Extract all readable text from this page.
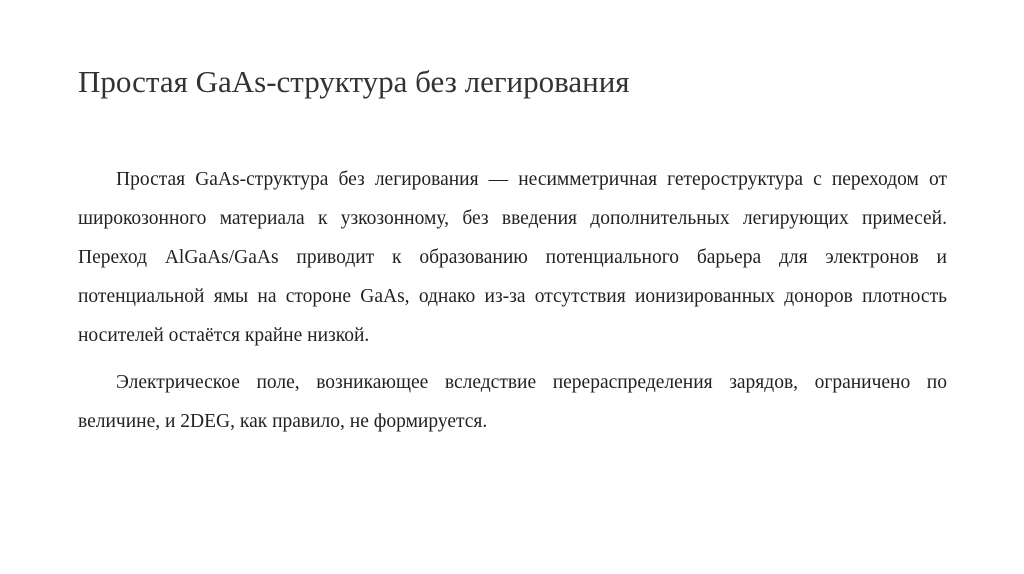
Простая GaAs-структура без легирования

Простая GaAs-структура без легирования — несимметричная гетероструктура с переходом от широкозонного материала к узкозонному, без введения дополнительных легирующих примесей. Переход AlGaAs/GaAs приводит к образованию потенциального барьера для электронов и потенциальной ямы на стороне GaAs, однако из-за отсутствия ионизированных доноров плотность носителей остаётся крайне низкой.

Электрическое поле, возникающее вследствие перераспределения зарядов, ограничено по величине, и 2DEG, как правило, не формируется.
